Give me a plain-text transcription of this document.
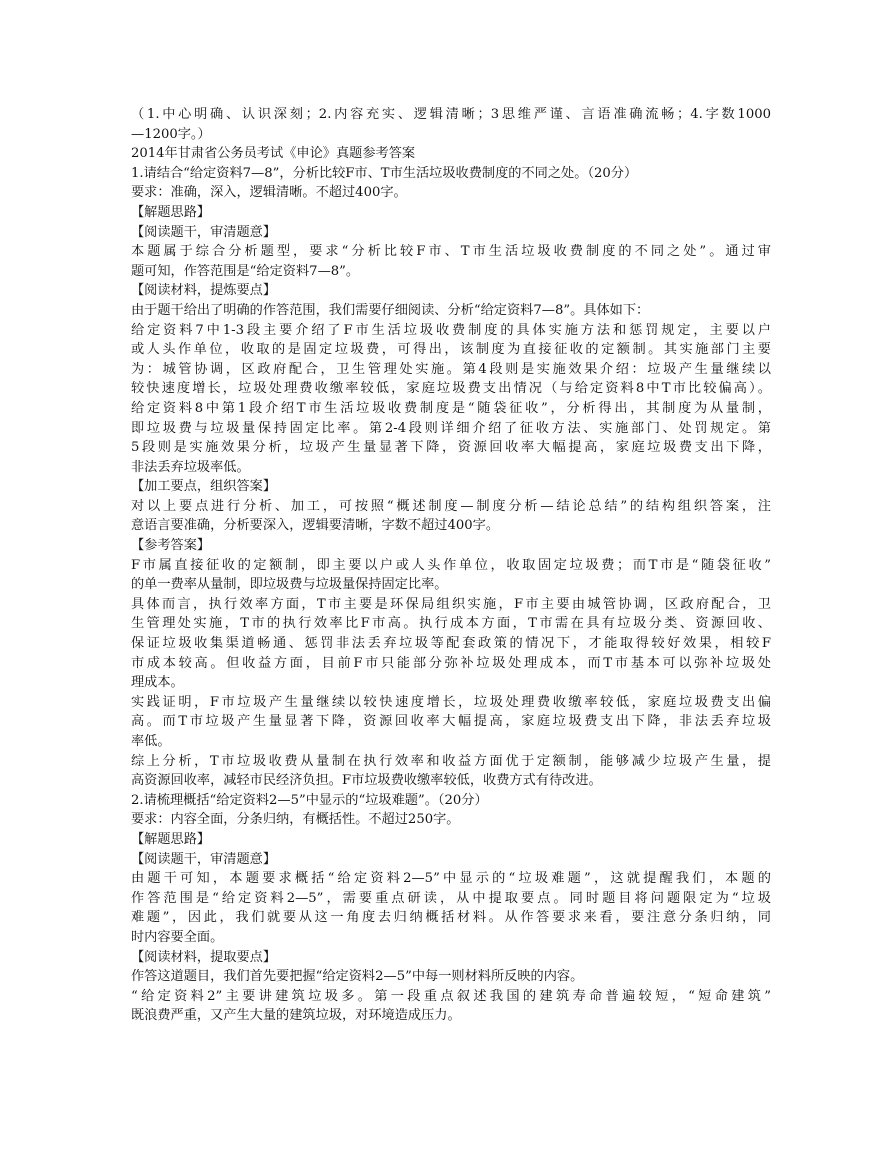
（1.中心明确、认识深刻；2.内容充实、逻辑清晰；3思维严谨、言语准确流畅；4.字数1000
—1200字。）
2014年甘肃省公务员考试《申论》真题参考答案
1.请结合“给定资料7—8”，分析比较F市、T市生活垃圾收费制度的不同之处。（20分）
要求：准确，深入，逻辑清晰。不超过400字。
【解题思路】
【阅读题干，审清题意】
本题属于综合分析题型，要求“分析比较F市、T市生活垃圾收费制度的不同之处”。通过审
题可知，作答范围是“给定资料7—8”。
【阅读材料，提炼要点】
由于题干给出了明确的作答范围，我们需要仔细阅读、分析“给定资料7—8”。具体如下：
给定资料7中1-3段主要介绍了F市生活垃圾收费制度的具体实施方法和惩罚规定，主要以户
或人头作单位，收取的是固定垃圾费，可得出，该制度为直接征收的定额制。其实施部门主要
为：城管协调，区政府配合，卫生管理处实施。第4段则是实施效果介绍：垃圾产生量继续以
较快速度增长，垃圾处理费收缴率较低，家庭垃圾费支出情况（与给定资料8中T市比较偏高）。
给定资料8中第1段介绍T市生活垃圾收费制度是“随袋征收”，分析得出，其制度为从量制，
即垃圾费与垃圾量保持固定比率。第2-4段则详细介绍了征收方法、实施部门、处罚规定。第
5段则是实施效果分析，垃圾产生量显著下降，资源回收率大幅提高，家庭垃圾费支出下降，
非法丢弃垃圾率低。
【加工要点，组织答案】
对以上要点进行分析、加工，可按照“概述制度—制度分析—结论总结”的结构组织答案，注
意语言要准确，分析要深入，逻辑要清晰，字数不超过400字。
【参考答案】
F市属直接征收的定额制，即主要以户或人头作单位，收取固定垃圾费；而T市是“随袋征收”
的单一费率从量制，即垃圾费与垃圾量保持固定比率。
具体而言，执行效率方面，T市主要是环保局组织实施，F市主要由城管协调，区政府配合，卫
生管理处实施，T市的执行效率比F市高。执行成本方面，T市需在具有垃圾分类、资源回收、
保证垃圾收集渠道畅通、惩罚非法丢弃垃圾等配套政策的情况下，才能取得较好效果，相较F
市成本较高。但收益方面，目前F市只能部分弥补垃圾处理成本，而T市基本可以弥补垃圾处
理成本。
实践证明，F市垃圾产生量继续以较快速度增长，垃圾处理费收缴率较低，家庭垃圾费支出偏
高。而T市垃圾产生量显著下降，资源回收率大幅提高，家庭垃圾费支出下降，非法丢弃垃圾
率低。
综上分析，T市垃圾收费从量制在执行效率和收益方面优于定额制，能够减少垃圾产生量，提
高资源回收率，减轻市民经济负担。F市垃圾费收缴率较低，收费方式有待改进。
2.请梳理概括“给定资料2—5”中显示的“垃圾难题”。（20分）
要求：内容全面，分条归纳，有概括性。不超过250字。
【解题思路】
【阅读题干，审清题意】
由题干可知，本题要求概括“给定资料2—5”中显示的“垃圾难题”，这就提醒我们，本题的
作答范围是“给定资料2—5”，需要重点研读，从中提取要点。同时题目将问题限定为“垃圾
难题”，因此，我们就要从这一角度去归纳概括材料。从作答要求来看，要注意分条归纳，同
时内容要全面。
【阅读材料，提取要点】
作答这道题目，我们首先要把握“给定资料2—5”中每一则材料所反映的内容。
“给定资料2”主要讲建筑垃圾多。第一段重点叙述我国的建筑寿命普遍较短，“短命建筑”
既浪费严重，又产生大量的建筑垃圾，对环境造成压力。
